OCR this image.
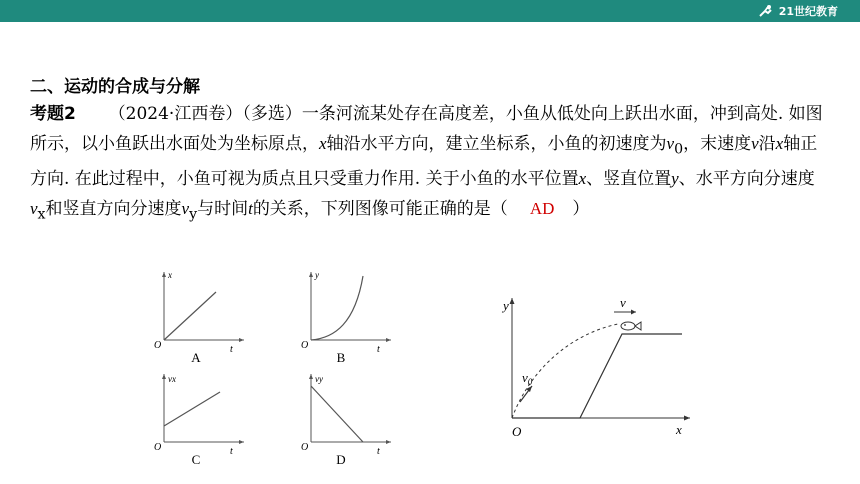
21世纪教育
二、运动的合成与分解
考题2 （2024·江西卷）（多选）一条河流某处存在高度差，小鱼从低处向上跃出水面，冲到高处. 如图所示，以小鱼跃出水面处为坐标原点，x轴沿水平方向，建立坐标系，小鱼的初速度为$v_0$，末速度v沿x轴正方向. 在此过程中，小鱼可视为质点且只受重力作用. 关于小鱼的水平位置x、竖直位置y、水平方向分速度$v_x$和竖直方向分速度$v_y$与时间t的关系，下列图像可能正确的是（ AD ）
x
t
O
A
y
t
O
B
vx
t
O
C
vy
t
O
D
y
x
O
$v_0$
v
